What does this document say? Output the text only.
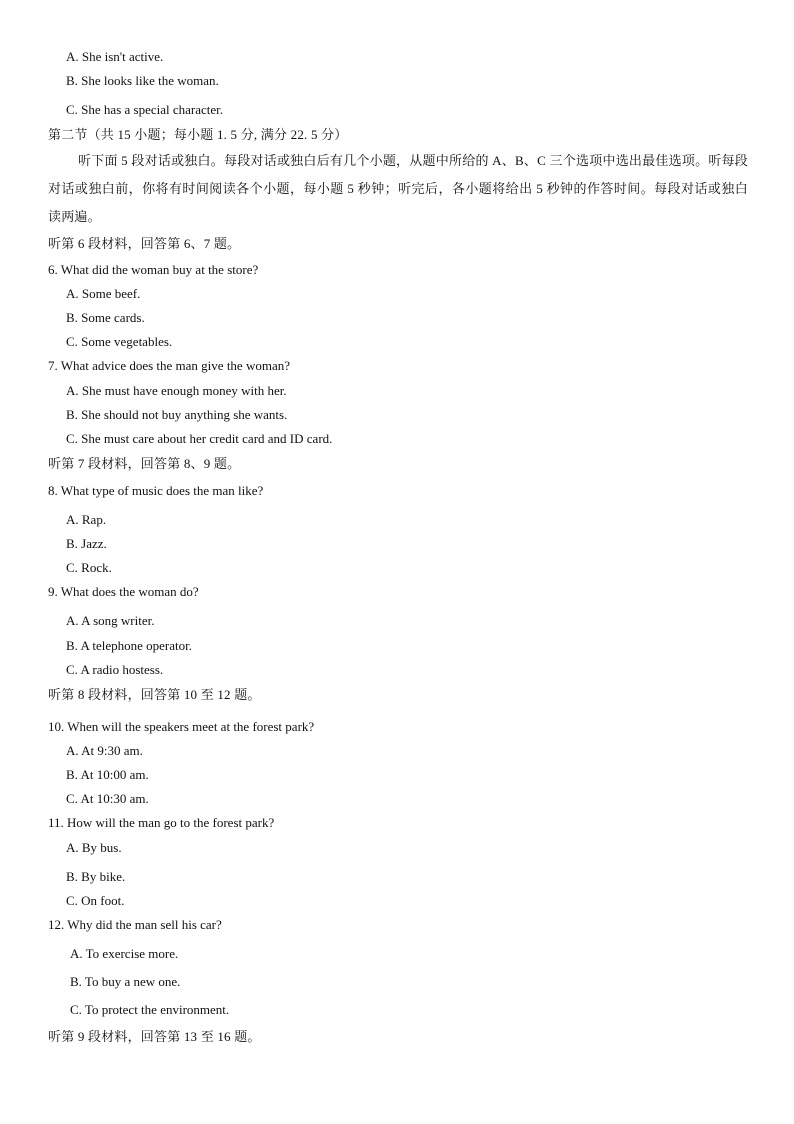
A. She isn't active.
B. She looks like the woman.
C. She has a special character.
第二节（共 15 小题；每小题 1. 5 分, 满分 22. 5 分）
听下面 5 段对话或独白。每段对话或独白后有几个小题，从题中所给的 A、B、C 三个选项中选出最佳选项。听每段对话或独白前，你将有时间阅读各个小题，每小题 5 秒钟；听完后，各小题将给出 5 秒钟的作答时间。每段对话或独白读两遍。
听第 6 段材料，回答第 6、7 题。
6. What did the woman buy at the store?
A. Some beef.
B. Some cards.
C. Some vegetables.
7. What advice does the man give the woman?
A. She must have enough money with her.
B. She should not buy anything she wants.
C. She must care about her credit card and ID card.
听第 7 段材料，回答第 8、9 题。
8. What type of music does the man like?
A. Rap.
B. Jazz.
C. Rock.
9. What does the woman do?
A. A song writer.
B. A telephone operator.
C. A radio hostess.
听第 8 段材料，回答第 10 至 12 题。
10. When will the speakers meet at the forest park?
A. At 9:30 am.
B. At 10:00 am.
C. At 10:30 am.
11. How will the man go to the forest park?
A. By bus.
B. By bike.
C. On foot.
12. Why did the man sell his car?
A. To exercise more.
B. To buy a new one.
C. To protect the environment.
听第 9 段材料，回答第 13 至 16 题。
